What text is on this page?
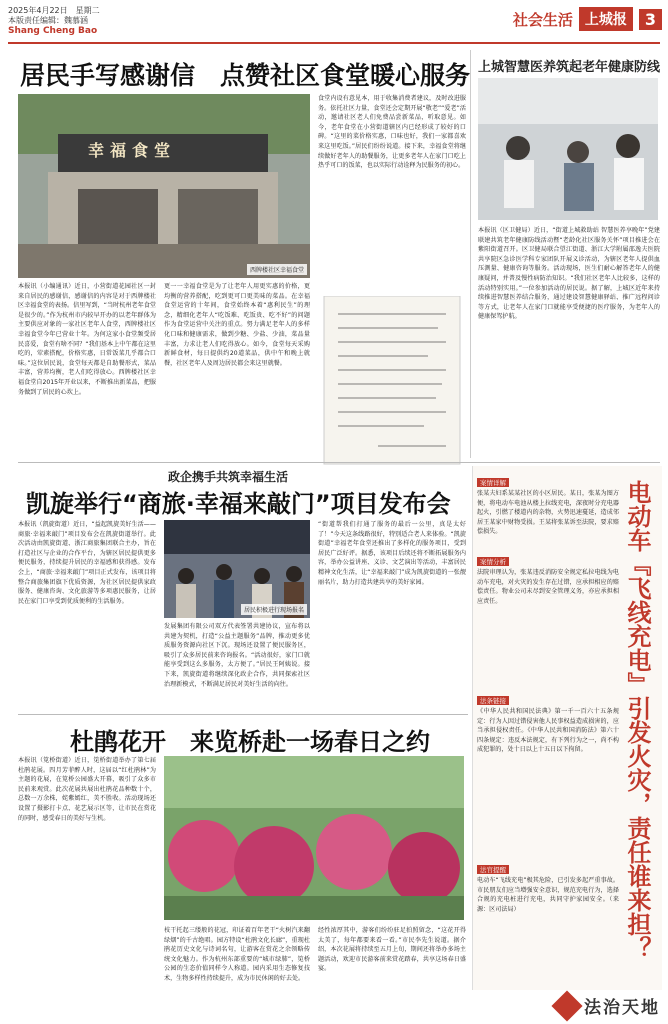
2025年4月22日　星期二
本版责任编辑：魏慕涵
Shang Cheng Bao
社会生活 上城报	3
居民手写感谢信　点赞社区食堂暖心服务
幸福食堂
西牌楼社区幸福食堂
本报讯（小编通讯）近日，小营街道花园社区一封来自居民的感谢信，感谢信的内容是对于西牌楼社区幸福食堂的表扬。信里写到，“当时杭州老年食堂是很少的。”作为杭州市内较早开办的以老年群体为主要供应对象的一家社区老年人食堂，西牌楼社区幸福食堂今年已营业十年。为何这家小食堂频受居民喜爱，食堂有啥不同？“我们基本上中午都在这里吃的，荤素搭配，价格实惠，日常饭菜几乎都合口味。”这位居民说，食堂每天都是自助餐形式，菜品丰富，营养均衡，老人们吃得放心。西牌楼社区幸福食堂自2015年开业以来，不断推出新菜品，把服务做到了居民的心坎上。
更一一幸福食堂是为了让老年人用更实惠的价格，更均衡的营养搭配，吃到更可口更美味的菜品。在幸福食堂运营的十年间，食堂始终本着“惠利民生”的理念，精细化老年人“吃饭难、吃饭贵、吃不好”的问题作为食堂运营中关注的重点。努力满足老年人的多样化口味和健康需求，做到少糖、少盐、少油，菜品量丰富，力求让老人们吃得放心。如今，食堂每天采购新鲜食材，每日提供约20道菜品，供中午和晚上就餐，社区老年人及周边居民都会来这里就餐。
食堂内设有意见本，用于收集消费者建议，及时改进服务。依托社区力量，食堂还会定期开展“敬老”“爱老”活动，邀请社区老人们免费品尝新菜品，听取意见。如今，老年食堂在小营街道辖区内已经形成了较好的口碑。“这里的菜价格实惠，口味也好，我们一家都喜欢来这里吃饭。”居民们纷纷说道。接下来，幸福食堂将继续做好老年人的助餐服务，让更多老年人在家门口吃上热乎可口的饭菜，也以实际行动诠释为民服务的初心。
上城智慧医养筑起老年健康防线
本报讯（区卫健局）近日，“街道上城救助站 智慧医养享晚年”党建联建共筑老年健康防线活动暨“老龄化社区服务关怀”项目推进会在紫阳街道召开。区卫健局联合望江街道、浙江大学附属邵逸夫医院共享院区急诊医学科专家团队开展义诊活动，为辖区老年人提供血压测量、健康咨询等服务。活动现场，医生们耐心解答老年人的健康疑问，并普及慢性病防治知识。“我们社区老年人比较多，这样的活动特别实用。”一位参加活动的居民说。据了解，上城区近年来持续推进智慧医养结合服务，通过建设智慧健康驿站、推广远程问诊等方式，让老年人在家门口就能享受便捷的医疗服务，为老年人的健康保驾护航。
政企携手共筑幸福生活
凯旋举行“商旅·幸福来敲门”项目发布会
本报讯（凯旋街道）近日，“益起凯旋美好生活——商旅·幸福来敲门”项目发布会在凯旋街道举行。此次活动由凯旋街道、浙江商旅集团联合主办，旨在打造社区与企业的合作平台，为辖区居民提供更多便民服务，持续提升居民的幸福感和获得感。发布会上，“商旅·幸福来敲门”项目正式发布，该项目将整合商旅集团旗下优质资源，为社区居民提供家政服务、健康咨询、文化旅游等多项惠民服务，让居民在家门口享受到优质便利的生活服务。
居民积极进行现场报名
发展集团有限公司双方代表签署共建协议，宣布将以共建为契机，打造“公益主题服务”品牌，推动更多优质服务资源向社区下沉。现场还设置了便民服务区，吸引了众多居民前来咨询报名。“活动很好，家门口就能享受到这么多服务，太方便了。”居民王阿姨说。接下来，凯旋街道将继续深化政企合作，共同探索社区治理新模式，不断满足居民对美好生活的向往。
“街道帮我们打通了服务的最后一公里，真是太好了！”今天这条线路很好，特别适合老人来体验。“凯旋街道”幸福老年食堂还推出了多样化的服务项目，受到居民广泛好评。据悉，该项目后续还将不断拓展服务内容，举办公益讲座、义诊、文艺演出等活动，丰富居民精神文化生活，让“幸福来敲门”成为凯旋街道的一张靓丽名片，助力打造共建共享的美好家园。
杜鹃花开　来览桥赴一场春日之约
本报讯（笕桥街道）近日，笕桥街道举办了第七届杜鹃花展。四月芳菲醉人时，这届以“红杜鹃林”为主题的花展，在笕桥公园盛大开幕，吸引了众多市民前来观赏。此次花展共展出杜鹃花品种数十个，总数一万余株，姹紫嫣红，美不胜收。活动现场还设置了摄影打卡点、花艺展示区等，让市民在赏花的同时，感受春日的美好与生机。
枝干托起三缕般的花冠，印证着百年老干“火树汽来翻绿烟”的千古绝唱。园方特设“杜鹃文化长廊”，重现杜鹃花历史文化与诗词名句，让游客在赏花之余领略传统文化魅力。作为杭州东部重要的“城市绿肺”，笕桥公园的生态价值同样令人称道。园内采用生态修复技术，生物多样性持续提升，成为市民休闲的好去处。
经性浓厚其中，游客们纷纷驻足拍照留念，“这花开得太美了，每年都要来看一看。”市民李先生说道。据介绍，本次花展将持续至五月上旬，期间还将举办多场主题活动，欢迎市民游客前来赏花踏春，共享这场春日盛宴。
电动车『飞线充电』引发火灾，责任谁来担？
案情详解
张某夫妇系某某社区的小区居民。某日，张某为图方便，将电动车电池从楼上拉线充电，深夜时分充电器起火，引燃了楼道内的杂物，火势迅速蔓延，造成邻居王某家中财物受损。王某将张某诉至法院，要求赔偿损失。
案情分析
法院审理认为，张某违反消防安全规定私拉电线为电动车充电，对火灾的发生存在过错，应承担相应的赔偿责任。物业公司未尽到安全管理义务，亦应承担相应责任。
法条链接
《中华人民共和国民法典》第一千一百六十五条规定：行为人因过错侵害他人民事权益造成损害的，应当承担侵权责任。《中华人民共和国消防法》第六十四条规定：违反本法规定，有下列行为之一，尚不构成犯罪的，处十日以上十五日以下拘留。
法官提醒
电动车“飞线充电”极其危险，已引发多起严重事故。市民朋友们应当增强安全意识，规范充电行为，选择合规的充电桩进行充电，共同守护家园安全。（来源：区司法局）
法治天地
